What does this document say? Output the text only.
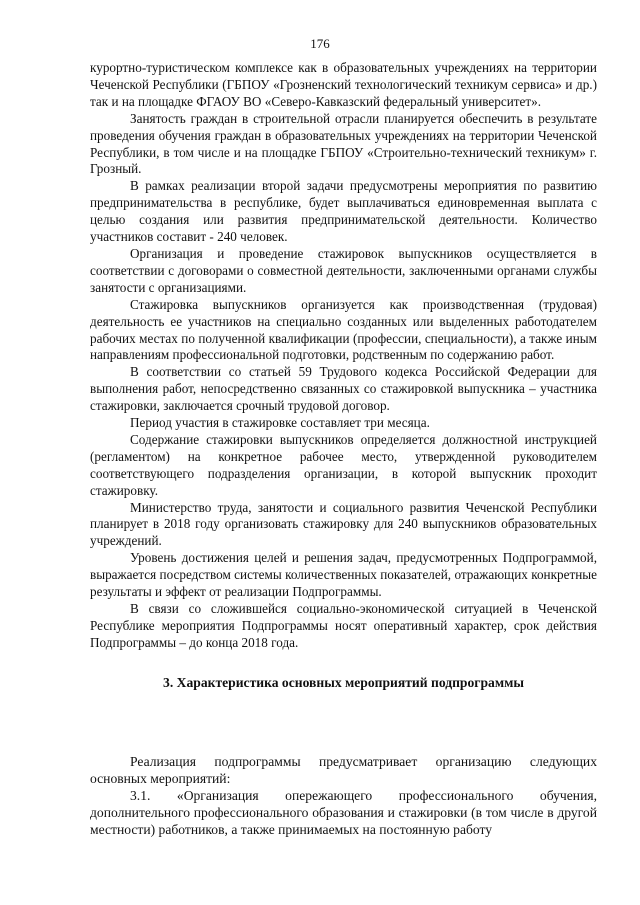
176

курортно-туристическом комплексе как в образовательных учреждениях на территории Чеченской Республики (ГБПОУ «Грозненский технологический техникум сервиса» и др.) так и на площадке ФГАОУ ВО «Северо-Кавказский федеральный университет».

Занятость граждан в строительной отрасли планируется обеспечить в результате проведения обучения граждан в образовательных учреждениях на территории Чеченской Республики, в том числе и на площадке ГБПОУ «Строительно-технический техникум» г. Грозный.

В рамках реализации второй задачи предусмотрены мероприятия по развитию предпринимательства в республике, будет выплачиваться единовременная выплата с целью создания или развития предпринимательской деятельности. Количество участников составит - 240 человек.

Организация и проведение стажировок выпускников осуществляется в соответствии с договорами о совместной деятельности, заключенными органами службы занятости с организациями.

Стажировка выпускников организуется как производственная (трудовая) деятельность ее участников на специально созданных или выделенных работодателем рабочих местах по полученной квалификации (профессии, специальности), а также иным направлениям профессиональной подготовки, родственным по содержанию работ.

В соответствии со статьей 59 Трудового кодекса Российской Федерации для выполнения работ, непосредственно связанных со стажировкой выпускника – участника стажировки, заключается срочный трудовой договор.

Период участия в стажировке составляет три месяца.

Содержание стажировки выпускников определяется должностной инструкцией (регламентом) на конкретное рабочее место, утвержденной руководителем соответствующего подразделения организации, в которой выпускник проходит стажировку.

Министерство труда, занятости и социального развития Чеченской Республики планирует в 2018 году организовать стажировку для 240 выпускников образовательных учреждений.

Уровень достижения целей и решения задач, предусмотренных Подпрограммой, выражается посредством системы количественных показателей, отражающих конкретные результаты и эффект от реализации Подпрограммы.

В связи со сложившейся социально-экономической ситуацией в Чеченской Республике мероприятия Подпрограммы носят оперативный характер, срок действия Подпрограммы – до конца 2018 года.

3. Характеристика основных мероприятий подпрограммы

Реализация подпрограммы предусматривает организацию следующих основных мероприятий:

3.1. «Организация опережающего профессионального обучения, дополнительного профессионального образования и стажировки (в том числе в другой местности) работников, а также принимаемых на постоянную работу
